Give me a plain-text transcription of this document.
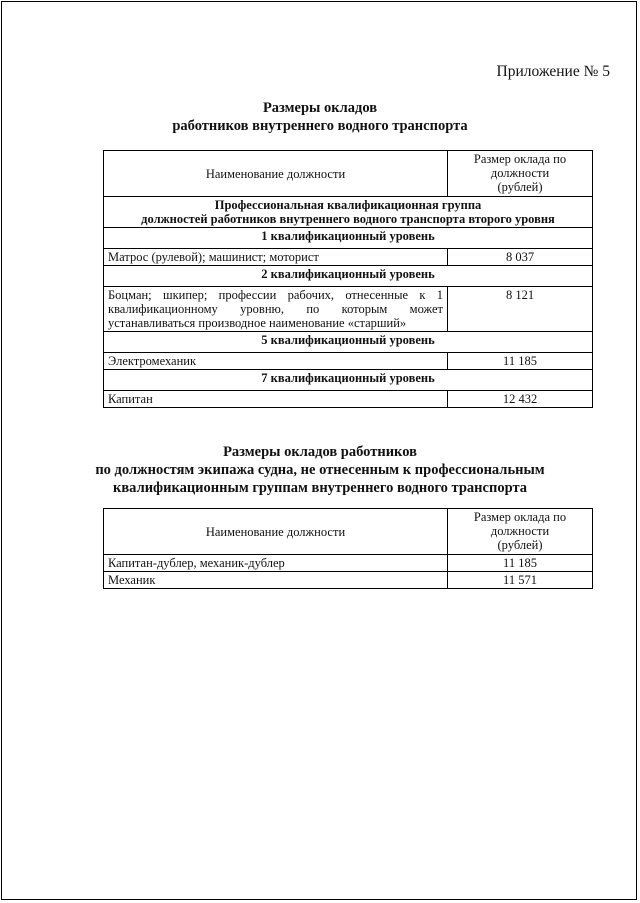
Приложение № 5
Размеры окладов
работников внутреннего водного транспорта
Наименование должности	Размер оклада по
должности
(рублей)

Профессиональная квалификационная группа
должностей работников внутреннего водного транспорта второго уровня	

1 квалификационный уровень	
Матрос (рулевой); машинист; моторист	8 037
2 квалификационный уровень	
Боцман; шкипер; профессии рабочих, отнесенные к 1 квалификационному уровню, по которым может устанавливаться производное наименование «старший»	8 121
5 квалификационный уровень	
Электромеханик	11 185
7 квалификационный уровень	
Капитан	12 432
Размеры окладов работников
по должностям экипажа судна, не отнесенным к профессиональным
квалификационным группам внутреннего водного транспорта
Наименование должности	Размер оклада по
должности
(рублей)

Капитан-дублер, механик-дублер	11 185
Механик	11 571
